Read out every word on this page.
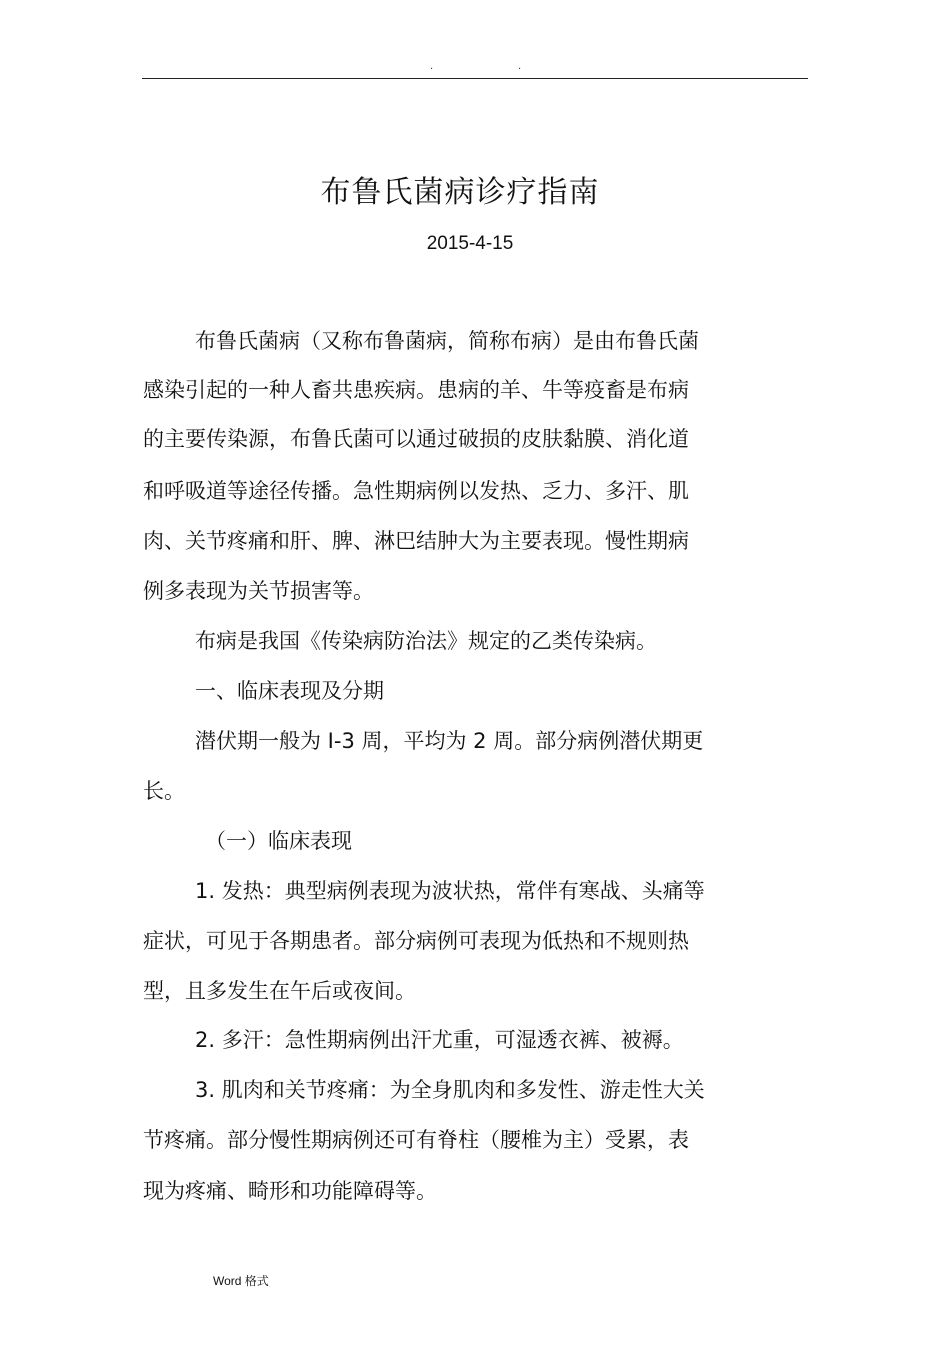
.	.
布鲁氏菌病诊疗指南
2015-4-15
布鲁氏菌病（又称布鲁菌病，简称布病）是由布鲁氏菌
感染引起的一种人畜共患疾病。患病的羊、牛等疫畜是布病
的主要传染源，布鲁氏菌可以通过破损的皮肤黏膜、消化道
和呼吸道等途径传播。急性期病例以发热、乏力、多汗、肌
肉、关节疼痛和肝、脾、淋巴结肿大为主要表现。慢性期病
例多表现为关节损害等。
布病是我国《传染病防治法》规定的乙类传染病。
一、临床表现及分期
潜伏期一般为 I-3 周，平均为 2 周。部分病例潜伏期更
长。
（一）临床表现
1. 发热：典型病例表现为波状热，常伴有寒战、头痛等
症状，可见于各期患者。部分病例可表现为低热和不规则热
型，且多发生在午后或夜间。
2. 多汗：急性期病例出汗尤重，可湿透衣裤、被褥。
3. 肌肉和关节疼痛：为全身肌肉和多发性、游走性大关
节疼痛。部分慢性期病例还可有脊柱（腰椎为主）受累，表
现为疼痛、畸形和功能障碍等。
Word 格式
